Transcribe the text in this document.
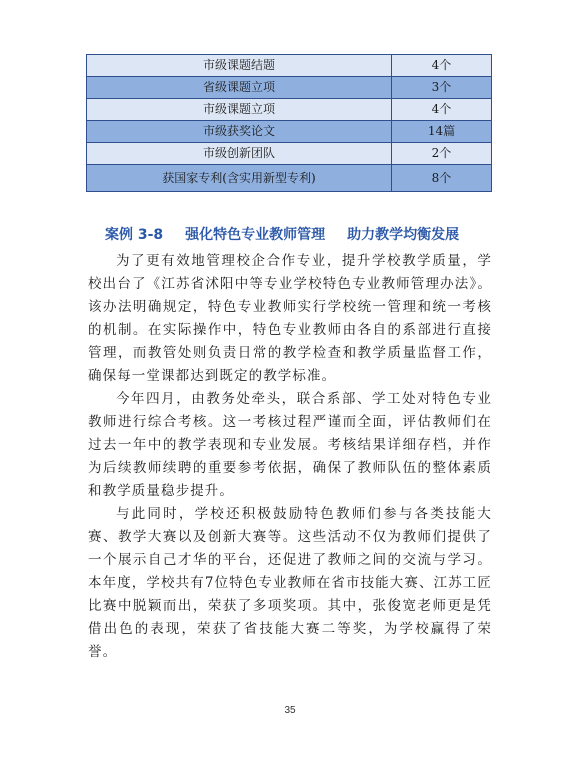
市级课题结题	4个
省级课题立项	3个
市级课题立项	4个
市级获奖论文	14篇
市级创新团队	2个
获国家专利(含实用新型专利)	8个
案例 3-8 强化特色专业教师管理 助力教学均衡发展

为了更有效地管理校企合作专业，提升学校教学质量，学校出台了《江苏省沭阳中等专业学校特色专业教师管理办法》。该办法明确规定，特色专业教师实行学校统一管理和统一考核的机制。在实际操作中，特色专业教师由各自的系部进行直接管理，而教管处则负责日常的教学检查和教学质量监督工作，确保每一堂课都达到既定的教学标准。

今年四月，由教务处牵头，联合系部、学工处对特色专业教师进行综合考核。这一考核过程严谨而全面，评估教师们在过去一年中的教学表现和专业发展。考核结果详细存档，并作为后续教师续聘的重要参考依据，确保了教师队伍的整体素质和教学质量稳步提升。

与此同时，学校还积极鼓励特色教师们参与各类技能大赛、教学大赛以及创新大赛等。这些活动不仅为教师们提供了一个展示自己才华的平台，还促进了教师之间的交流与学习。本年度，学校共有7位特色专业教师在省市技能大赛、江苏工匠比赛中脱颖而出，荣获了多项奖项。其中，张俊宽老师更是凭借出色的表现，荣获了省技能大赛二等奖，为学校赢得了荣誉。

35
